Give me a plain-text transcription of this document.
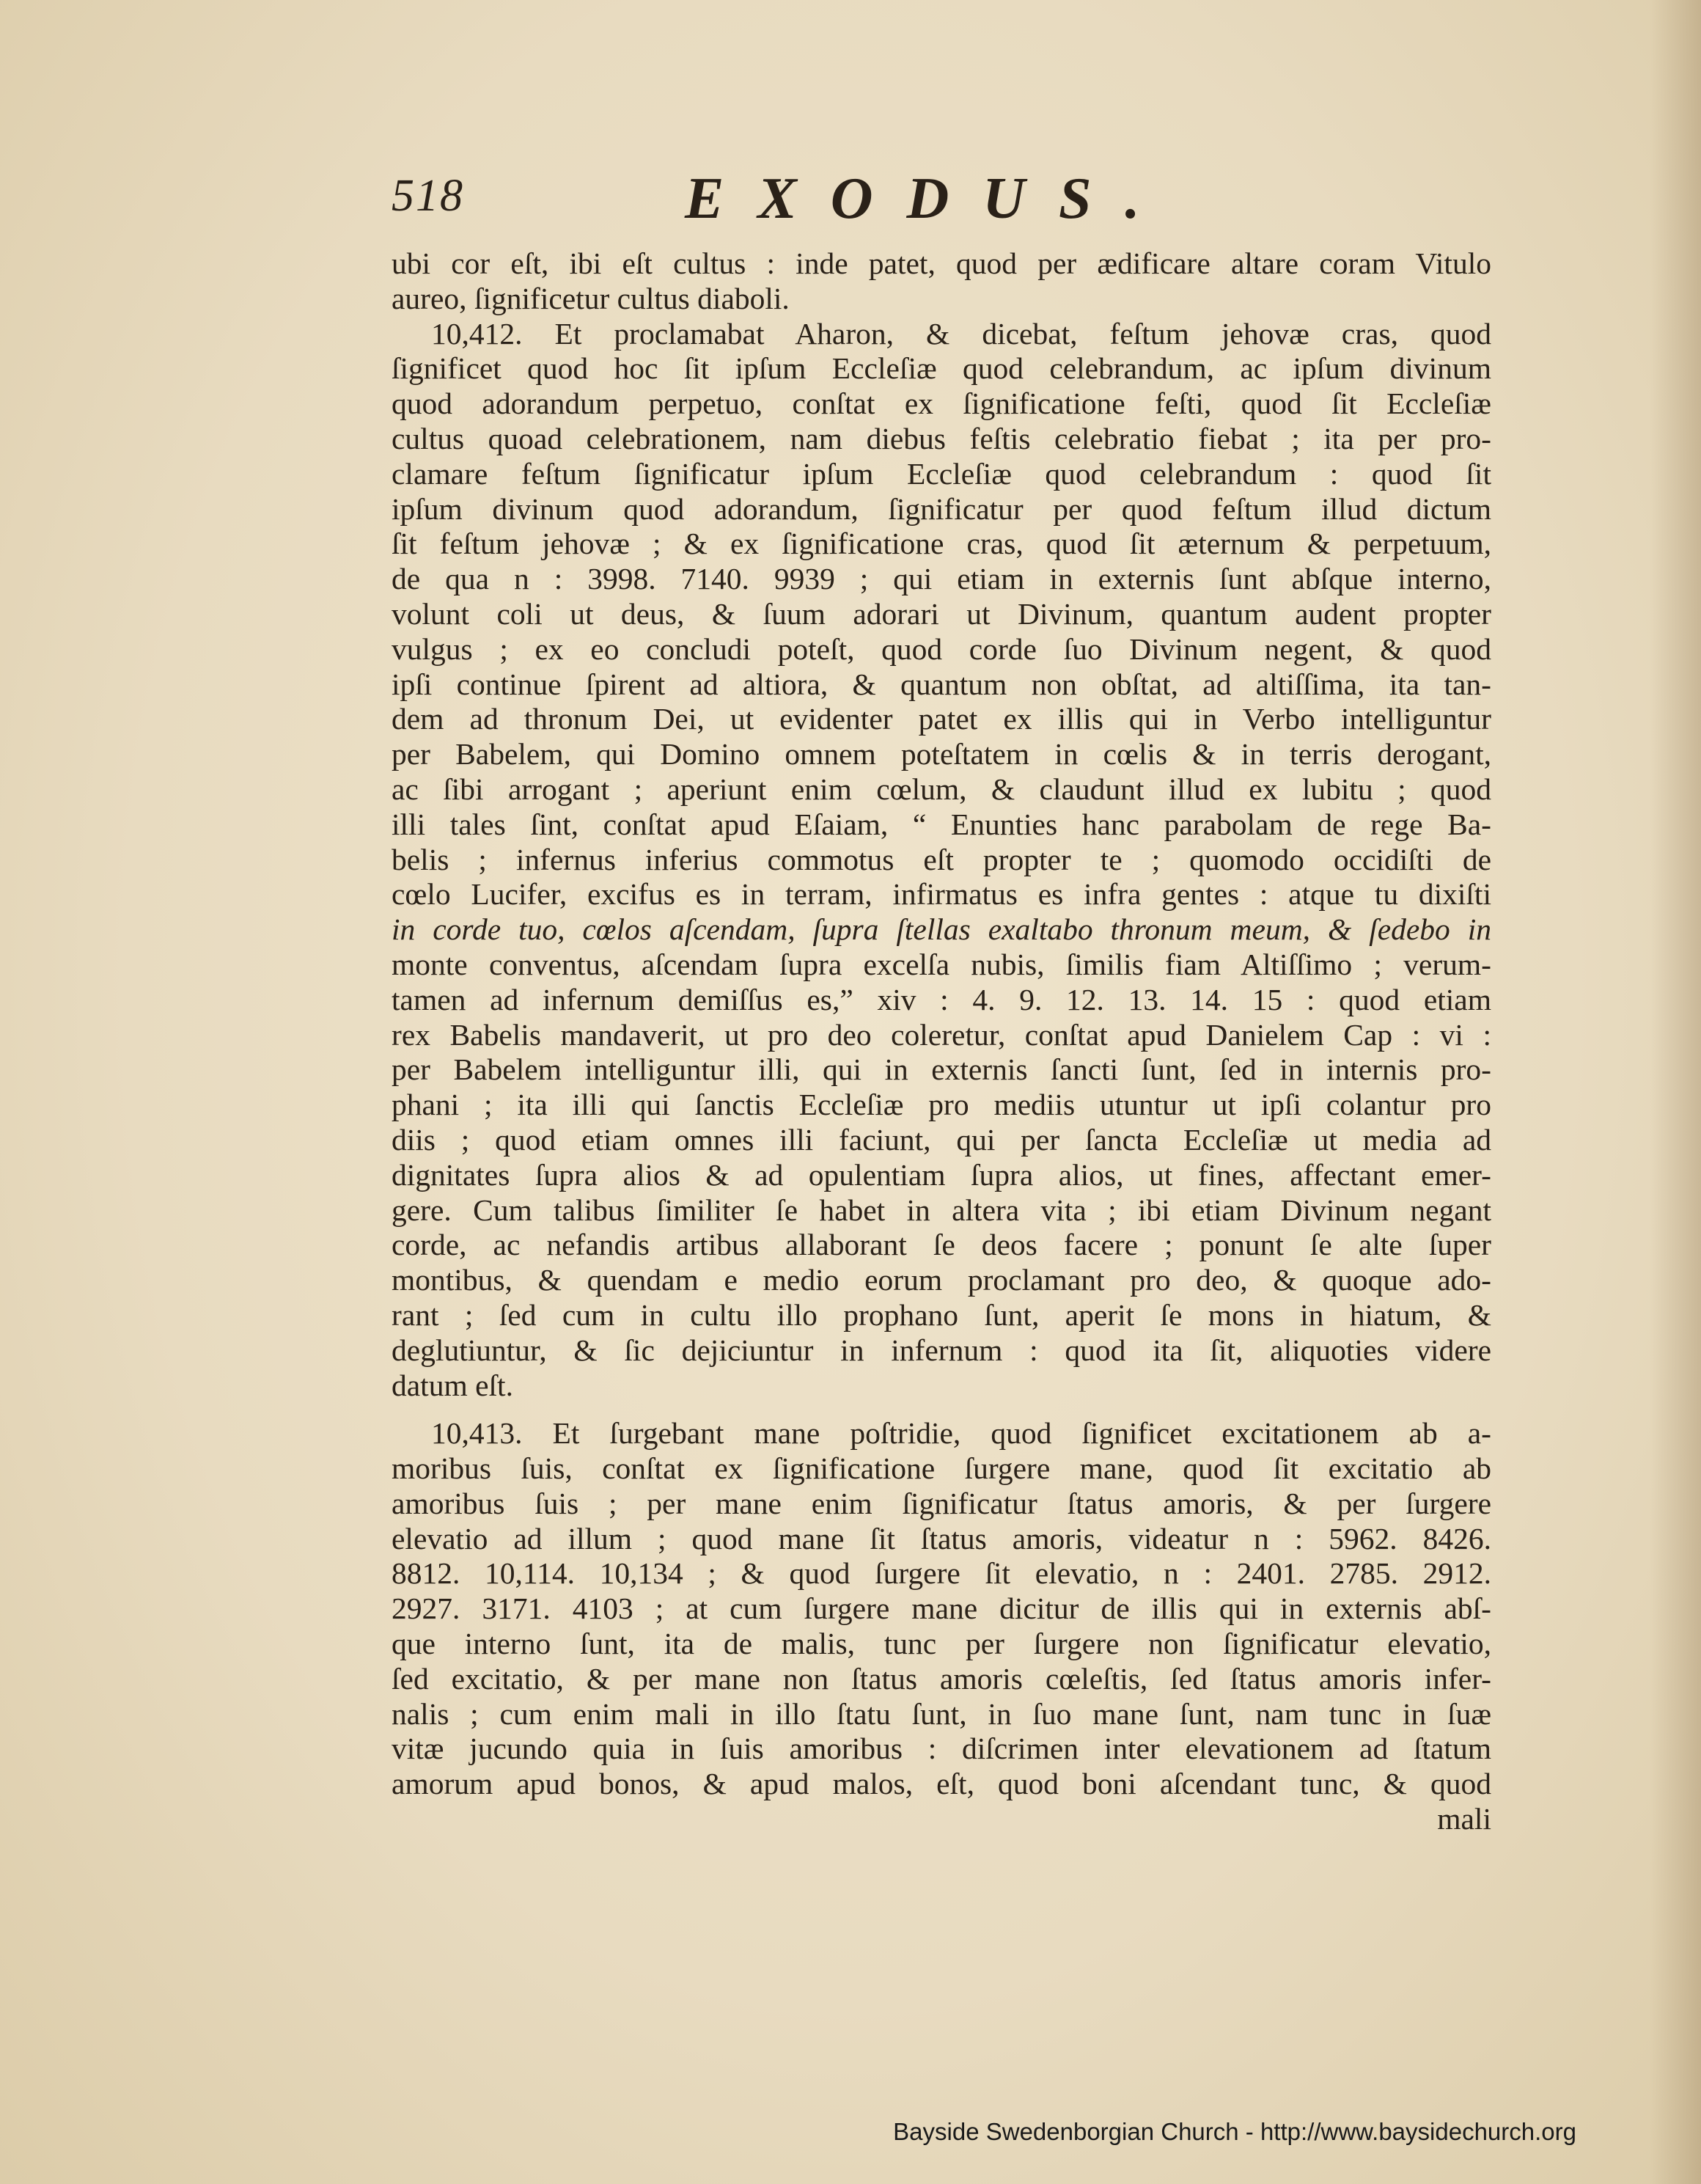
518	EXODUS.
ubi cor eſt, ibi eſt cultus : inde patet, quod per ædificare altare coram Vitulo
aureo, ſignificetur cultus diaboli.
10,412. Et proclamabat Aharon, & dicebat, feſtum jehovæ cras, quod
ſignificet quod hoc ſit ipſum Eccleſiæ quod celebrandum, ac ipſum divinum
quod adorandum perpetuo, conſtat ex ſignificatione feſti, quod ſit Eccleſiæ
cultus quoad celebrationem, nam diebus feſtis celebratio fiebat ; ita per pro-
clamare feſtum ſignificatur ipſum Eccleſiæ quod celebrandum : quod ſit
ipſum divinum quod adorandum, ſignificatur per quod feſtum illud dictum
ſit feſtum jehovæ ; & ex ſignificatione cras, quod ſit æternum & perpetuum,
de qua n : 3998. 7140. 9939 ; qui etiam in externis ſunt abſque interno,
volunt coli ut deus, & ſuum adorari ut Divinum, quantum audent propter
vulgus ; ex eo concludi poteſt, quod corde ſuo Divinum negent, & quod
ipſi continue ſpirent ad altiora, & quantum non obſtat, ad altiſſima, ita tan-
dem ad thronum Dei, ut evidenter patet ex illis qui in Verbo intelliguntur
per Babelem, qui Domino omnem poteſtatem in cœlis & in terris derogant,
ac ſibi arrogant ; aperiunt enim cœlum, & claudunt illud ex lubitu ; quod
illi tales ſint, conſtat apud Eſaiam, “ Enunties hanc parabolam de rege Ba-
belis ; infernus inferius commotus eſt propter te ; quomodo occidiſti de
cœlo Lucifer, excifus es in terram, infirmatus es infra gentes : atque tu dixiſti
in corde tuo, cœlos aſcendam, ſupra ſtellas exaltabo thronum meum, & ſedebo in
monte conventus, aſcendam ſupra excelſa nubis, ſimilis fiam Altiſſimo ; verum-
tamen ad infernum demiſſus es,” xiv : 4. 9. 12. 13. 14. 15 : quod etiam
rex Babelis mandaverit, ut pro deo coleretur, conſtat apud Danielem Cap : vi :
per Babelem intelliguntur illi, qui in externis ſancti ſunt, ſed in internis pro-
phani ; ita illi qui ſanctis Eccleſiæ pro mediis utuntur ut ipſi colantur pro
diis ; quod etiam omnes illi faciunt, qui per ſancta Eccleſiæ ut media ad
dignitates ſupra alios & ad opulentiam ſupra alios, ut fines, affectant emer-
gere. Cum talibus ſimiliter ſe habet in altera vita ; ibi etiam Divinum negant
corde, ac nefandis artibus allaborant ſe deos facere ; ponunt ſe alte ſuper
montibus, & quendam e medio eorum proclamant pro deo, & quoque ado-
rant ; ſed cum in cultu illo prophano ſunt, aperit ſe mons in hiatum, &
deglutiuntur, & ſic dejiciuntur in infernum : quod ita ſit, aliquoties videre
datum eſt.
10,413. Et ſurgebant mane poſtridie, quod ſignificet excitationem ab a-
moribus ſuis, conſtat ex ſignificatione ſurgere mane, quod ſit excitatio ab
amoribus ſuis ; per mane enim ſignificatur ſtatus amoris, & per ſurgere
elevatio ad illum ; quod mane ſit ſtatus amoris, videatur n : 5962. 8426.
8812. 10,114. 10,134 ; & quod ſurgere ſit elevatio, n : 2401. 2785. 2912.
2927. 3171. 4103 ; at cum ſurgere mane dicitur de illis qui in externis abſ-
que interno ſunt, ita de malis, tunc per ſurgere non ſignificatur elevatio,
ſed excitatio, & per mane non ſtatus amoris cœleſtis, ſed ſtatus amoris infer-
nalis ; cum enim mali in illo ſtatu ſunt, in ſuo mane ſunt, nam tunc in ſuæ
vitæ jucundo quia in ſuis amoribus : diſcrimen inter elevationem ad ſtatum
amorum apud bonos, & apud malos, eſt, quod boni aſcendant tunc, & quod
mali
Bayside Swedenborgian Church - http://www.baysidechurch.org
